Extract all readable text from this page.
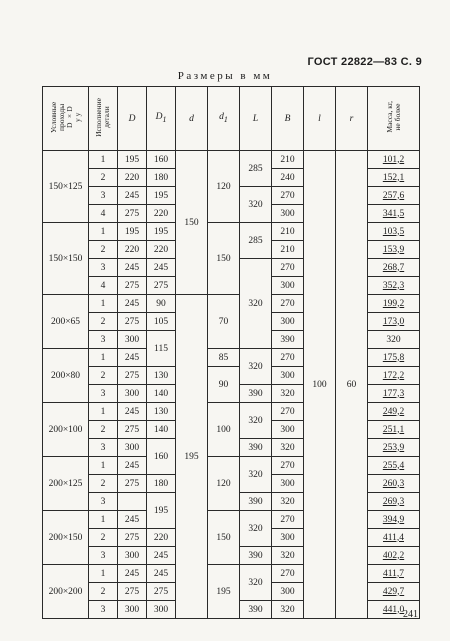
ГОСТ 22822—83 С. 9
Размеры в мм
Условные проходы
D ×D
y y	Исполнение
детали	D	$D_1$	d	$d_1$	L	B	l	r	Масса, кг,
не более	
150×125	1	195	160	150	120	285	210	100	60	101,2	
	2	220	180				240			152,1	
	3	245	195			320	270			257,6	
	4	275	220				300			341,5	
150×150	1	195	195		150	285	210			103,5	
	2	220	220				210			153,9	
	3	245	245			320	270			268,7	
	4	275	275				300			352,3	
200×65	1	245	90	195	70		270			199,2	
	2	275	105				300			173,0	
	3	300	115				390			320	
200×80	1	245			85	320	270			175,8	
	2	275	130		90		300			172,2	
	3	300	140			390	320			177,3	
200×100	1	245	130		100	320	270			249,2	
	2	275	140				300			251,1	
	3	300	160			390	320			253,9	
200×125	1	245			120	320	270			255,4	
	2	275	180				300			260,3	
	3		195			390	320			269,3	
200×150	1	245			150	320	270			394,9	
	2	275	220				300			411,4	
	3	300	245			390	320			402,2	
200×200	1	245	245		195	320	270			411,7	
	2	275	275				300			429,7	
	3	300	300			390	320			441,0	
241
